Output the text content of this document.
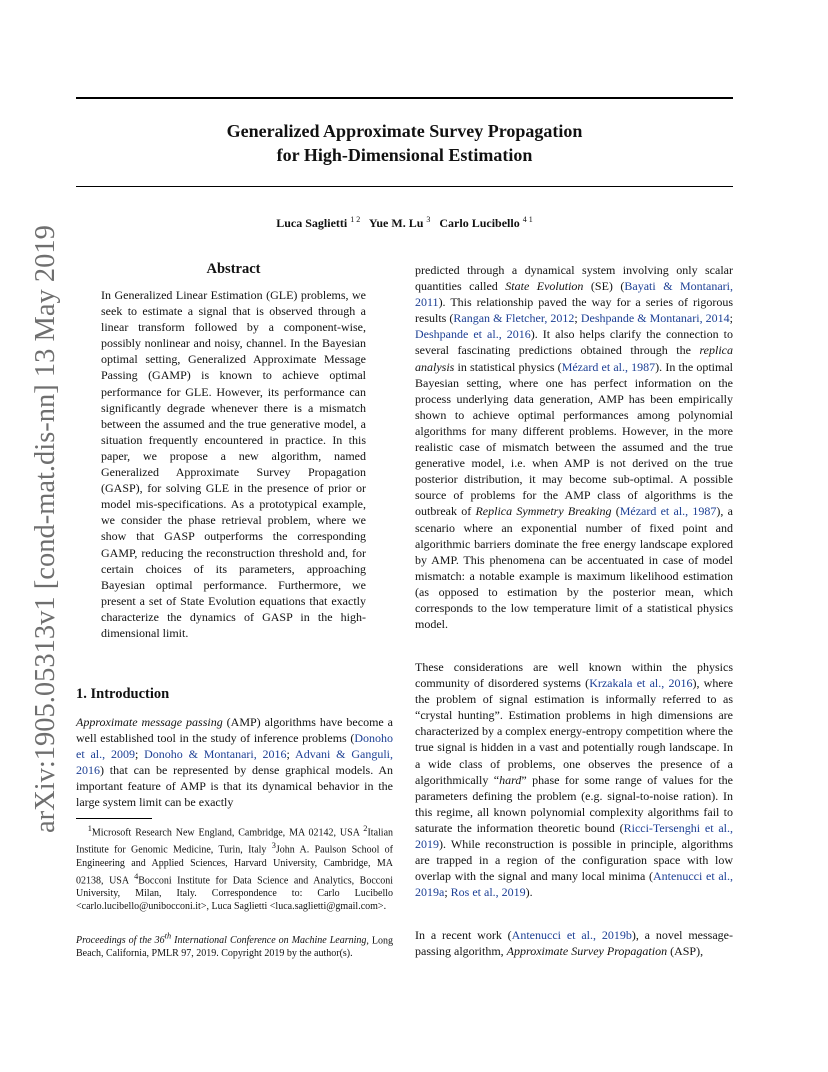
Generalized Approximate Survey Propagation
for High-Dimensional Estimation
Luca Saglietti $^{1 2}$ Yue M. Lu $^3$ Carlo Lucibello $^{4 1}$
arXiv:1905.05313v1 [cond-mat.dis-nn] 13 May 2019	Abstract

In Generalized Linear Estimation (GLE) problems, we seek to estimate a signal that is observed through a linear transform followed by a component-wise, possibly nonlinear and noisy, channel. In the Bayesian optimal setting, Generalized Approximate Message Passing (GAMP) is known to achieve optimal performance for GLE. However, its performance can significantly degrade whenever there is a mismatch between the assumed and the true generative model, a situation frequently encountered in practice. In this paper, we propose a new algorithm, named Generalized Approximate Survey Propagation (GASP), for solving GLE in the presence of prior or model mis-specifications. As a prototypical example, we consider the phase retrieval problem, where we show that GASP outperforms the corresponding GAMP, reducing the reconstruction threshold and, for certain choices of its parameters, approaching Bayesian optimal performance. Furthermore, we present a set of State Evolution equations that exactly characterize the dynamics of GASP in the high-dimensional limit.

1. Introduction

Approximate message passing (AMP) algorithms have become a well established tool in the study of inference problems (Donoho et al., 2009; Donoho & Montanari, 2016; Advani & Ganguli, 2016) that can be represented by dense graphical models. An important feature of AMP is that its dynamical behavior in the large system limit can be exactly

$^1$Microsoft Research New England, Cambridge, MA 02142, USA $^2$Italian Institute for Genomic Medicine, Turin, Italy $^3$John A. Paulson School of Engineering and Applied Sciences, Harvard University, Cambridge, MA 02138, USA $^4$Bocconi Institute for Data Science and Analytics, Bocconi University, Milan, Italy. Correspondence to: Carlo Lucibello <carlo.lucibello@unibocconi.it>, Luca Saglietti <luca.saglietti@gmail.com>.

Proceedings of the 36th International Conference on Machine Learning, Long Beach, California, PMLR 97, 2019. Copyright 2019 by the author(s).

predicted through a dynamical system involving only scalar quantities called State Evolution (SE) (Bayati & Montanari, 2011). This relationship paved the way for a series of rigorous results (Rangan & Fletcher, 2012; Deshpande & Montanari, 2014; Deshpande et al., 2016). It also helps clarify the connection to several fascinating predictions obtained through the replica analysis in statistical physics (Mézard et al., 1987). In the optimal Bayesian setting, where one has perfect information on the process underlying data generation, AMP has been empirically shown to achieve optimal performances among polynomial algorithms for many different problems. However, in the more realistic case of mismatch between the assumed and the true generative model, i.e. when AMP is not derived on the true posterior distribution, it may become sub-optimal. A possible source of problems for the AMP class of algorithms is the outbreak of Replica Symmetry Breaking (Mézard et al., 1987), a scenario where an exponential number of fixed point and algorithmic barriers dominate the free energy landscape explored by AMP. This phenomena can be accentuated in case of model mismatch: a notable example is maximum likelihood estimation (as opposed to estimation by the posterior mean, which corresponds to the low temperature limit of a statistical physics model.

These considerations are well known within the physics community of disordered systems (Krzakala et al., 2016), where the problem of signal estimation is informally referred to as “crystal hunting”. Estimation problems in high dimensions are characterized by a complex energy-entropy competition where the true signal is hidden in a vast and potentially rough landscape. In a wide class of problems, one observes the presence of a algorithmically “hard” phase for some range of values for the parameters defining the problem (e.g. signal-to-noise ration). In this regime, all known polynomial complexity algorithms fail to saturate the information theoretic bound (Ricci-Tersenghi et al., 2019). While reconstruction is possible in principle, algorithms are trapped in a region of the configuration space with low overlap with the signal and many local minima (Antenucci et al., 2019a; Ros et al., 2019).

In a recent work (Antenucci et al., 2019b), a novel message-passing algorithm, Approximate Survey Propagation (ASP),
